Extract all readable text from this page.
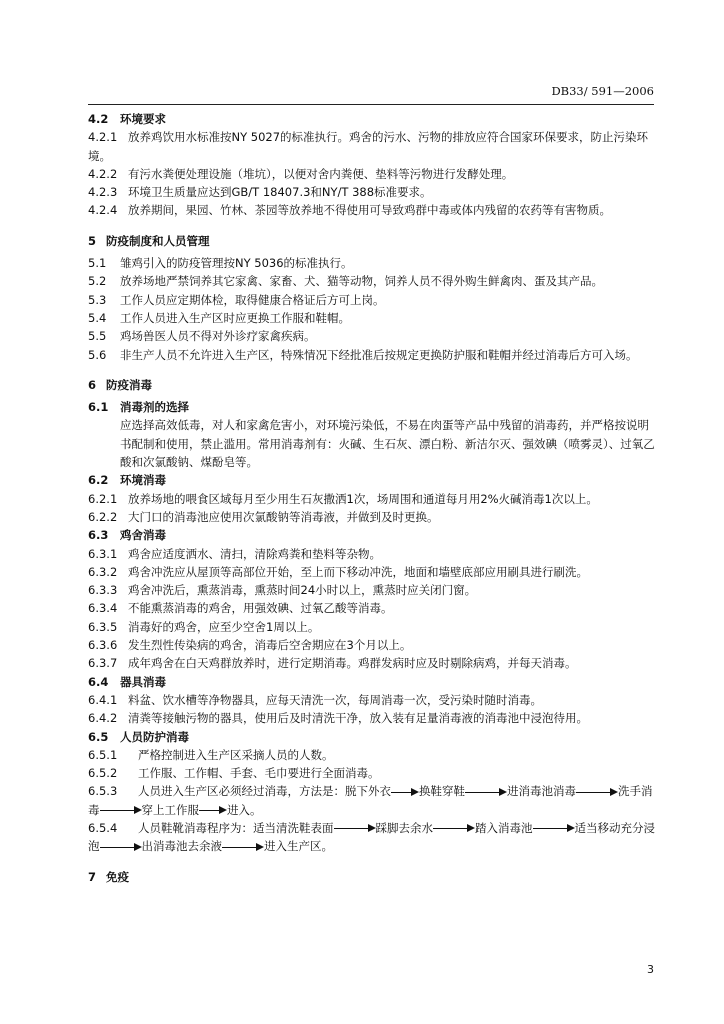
DB33/ 591—2006
4.2 环境要求
4.2.1 放养鸡饮用水标准按NY 5027的标准执行。鸡舍的污水、污物的排放应符合国家环保要求，防止污染环境。
4.2.2 有污水粪便处理设施（堆坑），以便对舍内粪便、垫料等污物进行发酵处理。
4.2.3 环境卫生质量应达到GB/T 18407.3和NY/T 388标准要求。
4.2.4 放养期间，果园、竹林、茶园等放养地不得使用可导致鸡群中毒或体内残留的农药等有害物质。
5 防疫制度和人员管理
5.1 雏鸡引入的防疫管理按NY 5036的标准执行。
5.2 放养场地严禁饲养其它家禽、家畜、犬、猫等动物，饲养人员不得外购生鲜禽肉、蛋及其产品。
5.3 工作人员应定期体检，取得健康合格证后方可上岗。
5.4 工作人员进入生产区时应更换工作服和鞋帽。
5.5 鸡场兽医人员不得对外诊疗家禽疾病。
5.6 非生产人员不允许进入生产区，特殊情况下经批准后按规定更换防护服和鞋帽并经过消毒后方可入场。
6 防疫消毒
6.1 消毒剂的选择
应选择高效低毒，对人和家禽危害小，对环境污染低，不易在肉蛋等产品中残留的消毒药，并严格按说明书配制和使用，禁止滥用。常用消毒剂有：火碱、生石灰、漂白粉、新洁尔灭、强效碘（喷雾灵）、过氧乙酸和次氯酸钠、煤酚皂等。
6.2 环境消毒
6.2.1 放养场地的喂食区域每月至少用生石灰撒洒1次，场周围和通道每月用2%火碱消毒1次以上。
6.2.2 大门口的消毒池应使用次氯酸钠等消毒液，并做到及时更换。
6.3 鸡舍消毒
6.3.1 鸡舍应适度洒水、清扫，清除鸡粪和垫料等杂物。
6.3.2 鸡舍冲洗应从屋顶等高部位开始，至上而下移动冲洗，地面和墙壁底部应用刷具进行刷洗。
6.3.3 鸡舍冲洗后，熏蒸消毒，熏蒸时间24小时以上，熏蒸时应关闭门窗。
6.3.4 不能熏蒸消毒的鸡舍，用强效碘、过氧乙酸等消毒。
6.3.5 消毒好的鸡舍，应至少空舍1周以上。
6.3.6 发生烈性传染病的鸡舍，消毒后空舍期应在3个月以上。
6.3.7 成年鸡舍在白天鸡群放养时，进行定期消毒。鸡群发病时应及时剔除病鸡，并每天消毒。
6.4 器具消毒
6.4.1 料盆、饮水槽等净物器具，应每天清洗一次，每周消毒一次，受污染时随时消毒。
6.4.2 清粪等接触污物的器具，使用后及时清洗干净，放入装有足量消毒液的消毒池中浸泡待用。
6.5 人员防护消毒
6.5.1 严格控制进入生产区采摘人员的人数。
6.5.2 工作服、工作帽、手套、毛巾要进行全面消毒。
6.5.3 人员进入生产区必须经过消毒，方法是：脱下外衣 换鞋穿鞋	进消毒池消毒	洗手消毒	穿上工作服 进入。
6.5.4 人员鞋靴消毒程序为：适当清洗鞋表面	踩脚去余水	踏入消毒池	适当移动充分浸泡	出消毒池去余液	进入生产区。
7 免疫
3
